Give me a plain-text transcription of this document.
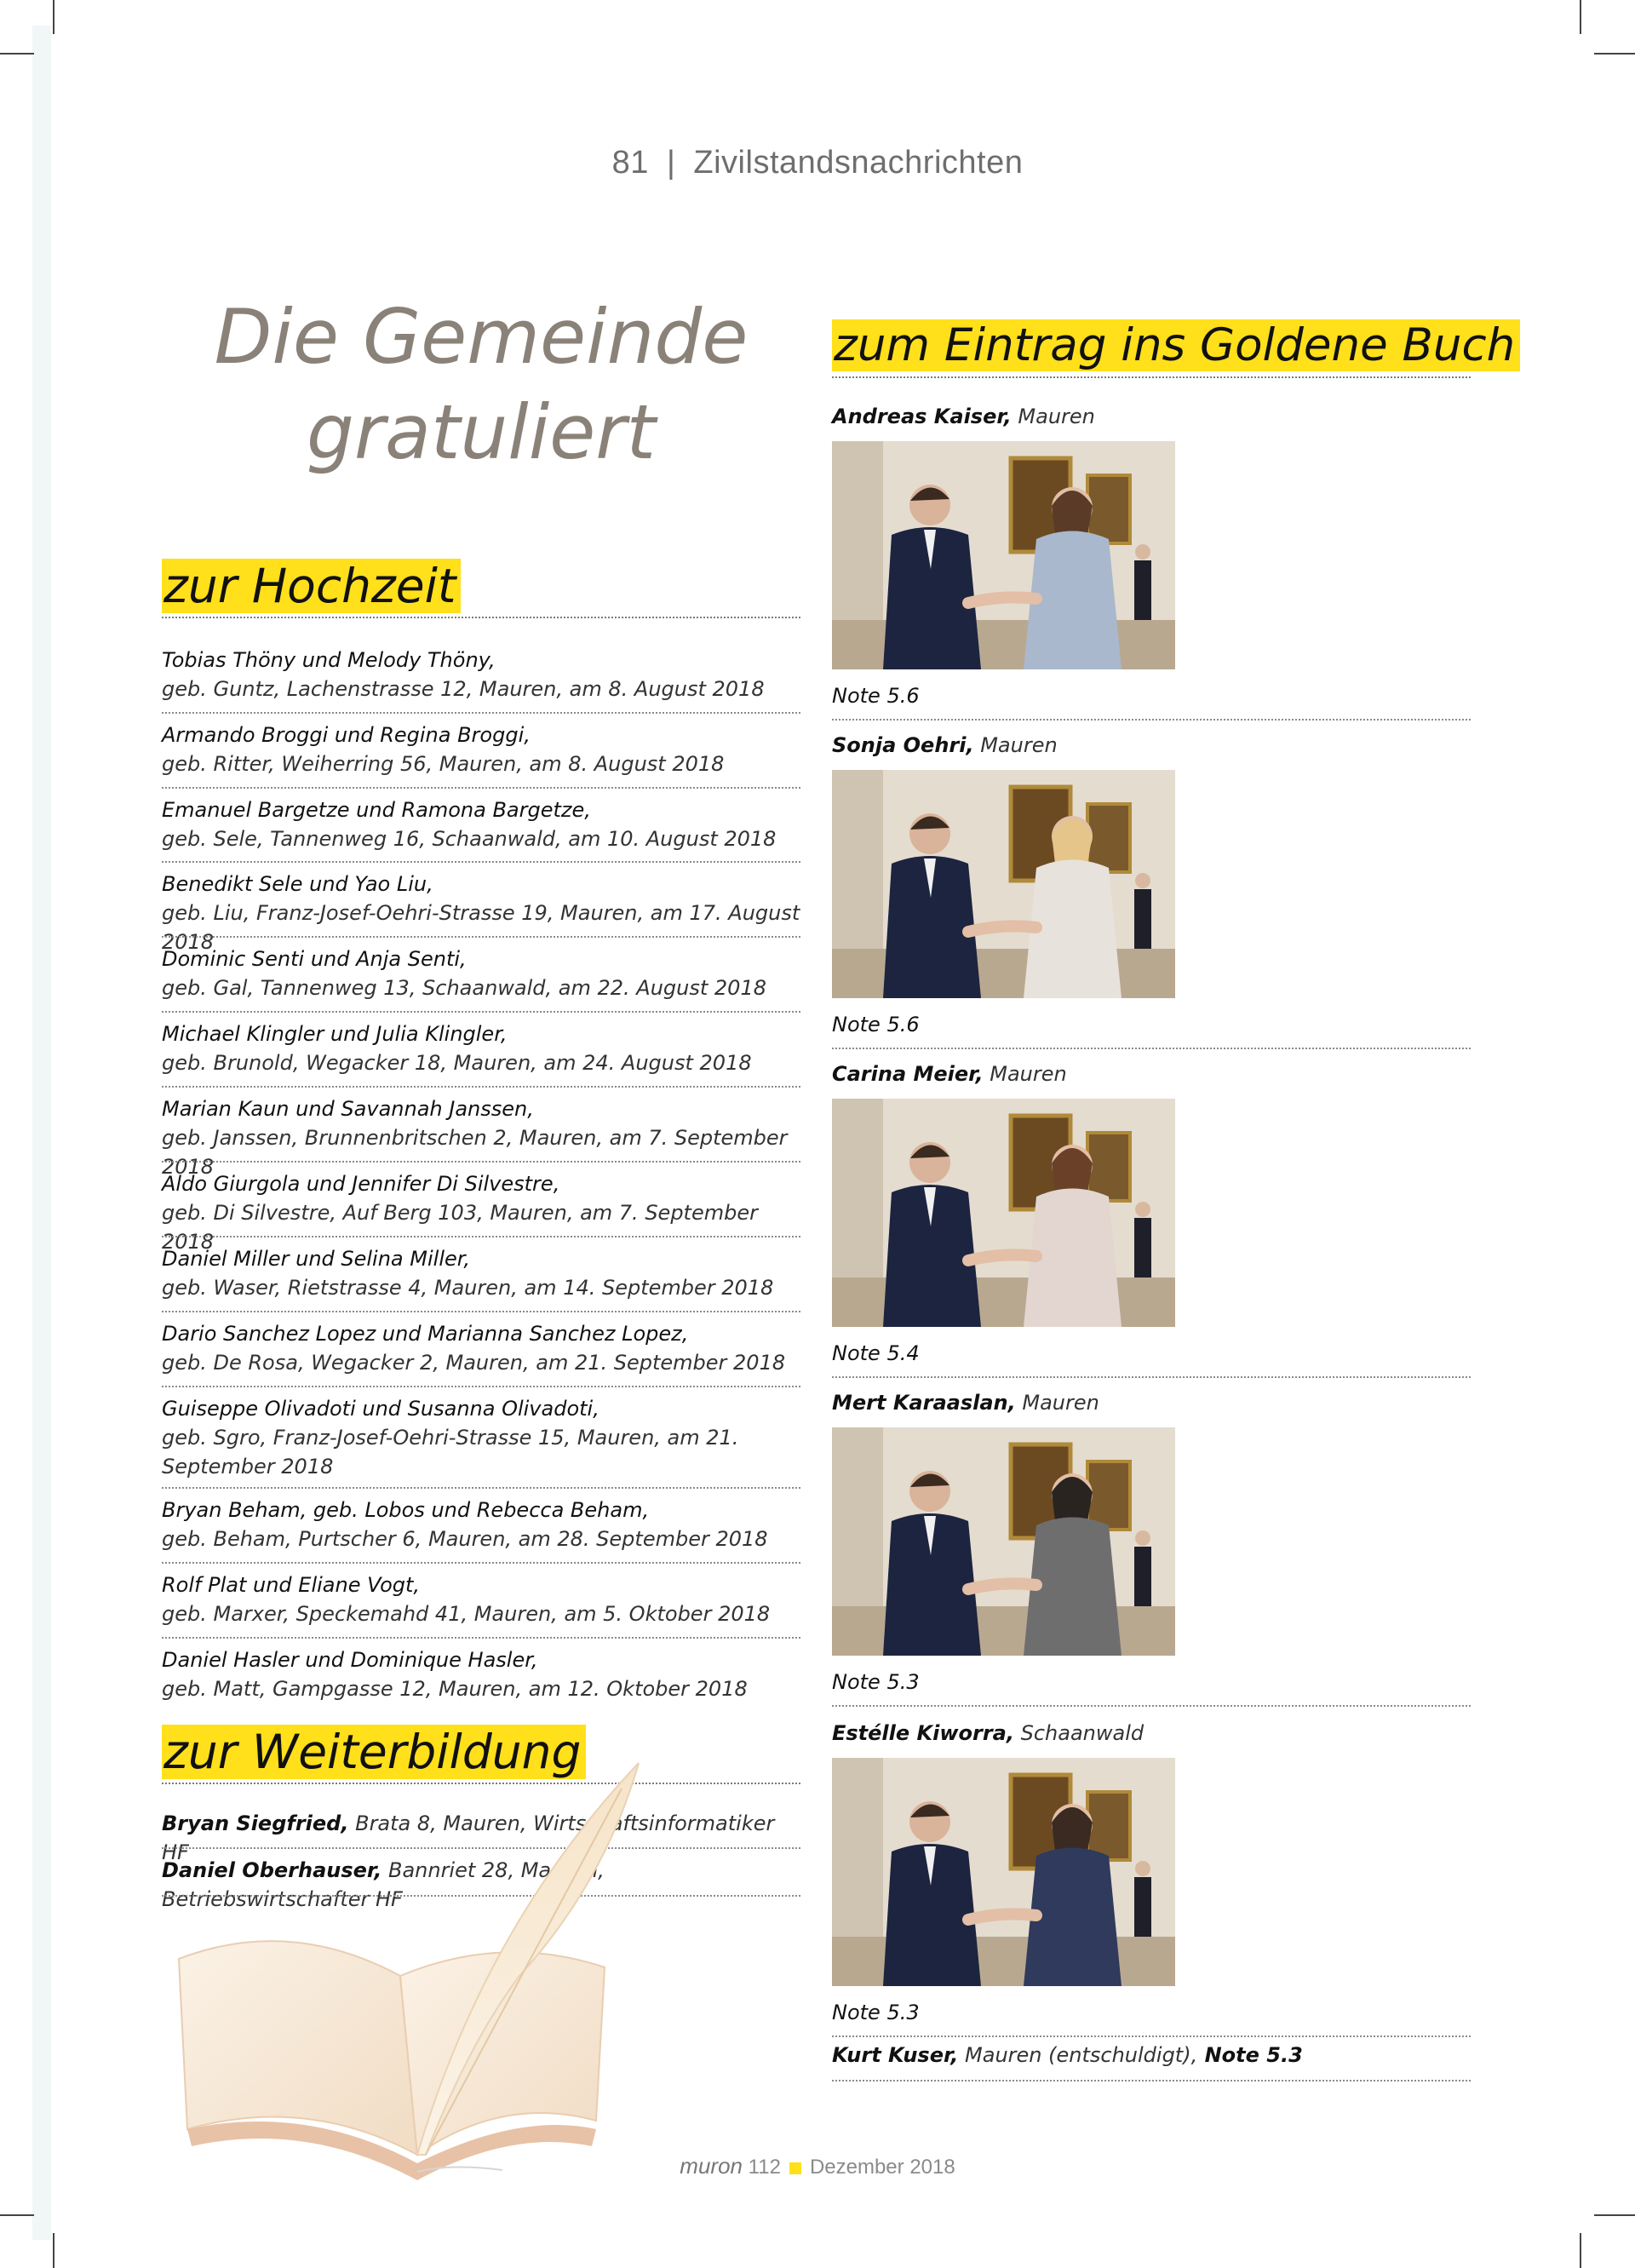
81 | Zivilstandsnachrichten
Die Gemeinde
gratuliert
zur Hochzeit
Tobias Thöny und Melody Thöny,
geb. Guntz, Lachenstrasse 12, Mauren, am 8. August 2018
Armando Broggi und Regina Broggi,
geb. Ritter, Weiherring 56, Mauren, am 8. August 2018
Emanuel Bargetze und Ramona Bargetze,
geb. Sele, Tannenweg 16, Schaanwald, am 10. August 2018
Benedikt Sele und Yao Liu,
geb. Liu, Franz-Josef-Oehri-Strasse 19, Mauren, am 17. August 2018
Dominic Senti und Anja Senti,
geb. Gal, Tannenweg 13, Schaanwald, am 22. August 2018
Michael Klingler und Julia Klingler,
geb. Brunold, Wegacker 18, Mauren, am 24. August 2018
Marian Kaun und Savannah Janssen,
geb. Janssen, Brunnenbritschen 2, Mauren, am 7. September 2018
Aldo Giurgola und Jennifer Di Silvestre,
geb. Di Silvestre, Auf Berg 103, Mauren, am 7. September 2018
Daniel Miller und Selina Miller,
geb. Waser, Rietstrasse 4, Mauren, am 14. September 2018
Dario Sanchez Lopez und Marianna Sanchez Lopez,
geb. De Rosa, Wegacker 2, Mauren, am 21. September 2018
Guiseppe Olivadoti und Susanna Olivadoti,
geb. Sgro, Franz-Josef-Oehri-Strasse 15, Mauren, am 21. September 2018
Bryan Beham, geb. Lobos und Rebecca Beham,
geb. Beham, Purtscher 6, Mauren, am 28. September 2018
Rolf Plat und Eliane Vogt,
geb. Marxer, Speckemahd 41, Mauren, am 5. Oktober 2018
Daniel Hasler und Dominique Hasler,
geb. Matt, Gampgasse 12, Mauren, am 12. Oktober 2018
zur Weiterbildung
Bryan Siegfried, Brata 8, Mauren, Wirtschaftsinformatiker HF
Daniel Oberhauser, Bannriet 28, Mauren, Betriebswirtschafter HF
zum Eintrag ins Goldene Buch
Andreas Kaiser, Mauren
Note 5.6
Sonja Oehri, Mauren
Note 5.6
Carina Meier, Mauren
Note 5.4
Mert Karaaslan, Mauren
Note 5.3
Estélle Kiworra, Schaanwald
Note 5.3
Kurt Kuser, Mauren (entschuldigt), Note 5.3
muron 112 Dezember 2018
